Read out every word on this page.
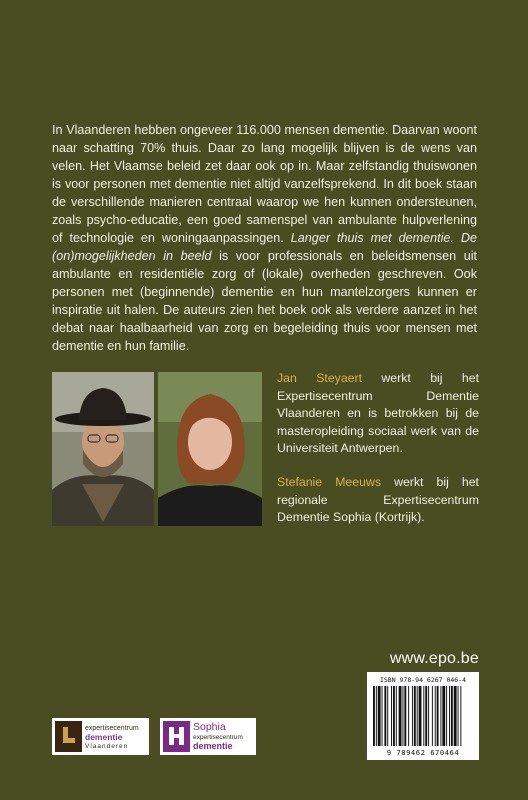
In Vlaanderen hebben ongeveer 116.000 mensen dementie. Daarvan woont naar schatting 70% thuis. Daar zo lang mogelijk blijven is de wens van velen. Het Vlaamse beleid zet daar ook op in. Maar zelfstandig thuiswonen is voor personen met dementie niet altijd vanzelfsprekend. In dit boek staan de verschillende manieren centraal waarop we hen kunnen ondersteunen, zoals psycho-educatie, een goed samenspel van ambulante hulpverlening of technologie en woningaanpassingen. Langer thuis met dementie. De (on)mogelijkheden in beeld is voor professionals en beleidsmensen uit ambulante en residentiële zorg of (lokale) overheden geschreven. Ook personen met (beginnende) dementie en hun mantelzorgers kunnen er inspiratie uit halen. De auteurs zien het boek ook als verdere aanzet in het debat naar haalbaarheid van zorg en begeleiding thuis voor mensen met dementie en hun familie.

Jan Steyaert werkt bij het Expertisecentrum Dementie Vlaanderen en is betrokken bij de masteropleiding sociaal werk van de Universiteit Antwerpen.

Stefanie Meeuws werkt bij het regionale Expertisecentrum Dementie Sophia (Kortrijk).

www.epo.be
ISBN 978-94 6267 046-4
9 789462 670464
expertisecentrum
dementie
Vlaanderen
Sophia
expertisecentrum
dementie
